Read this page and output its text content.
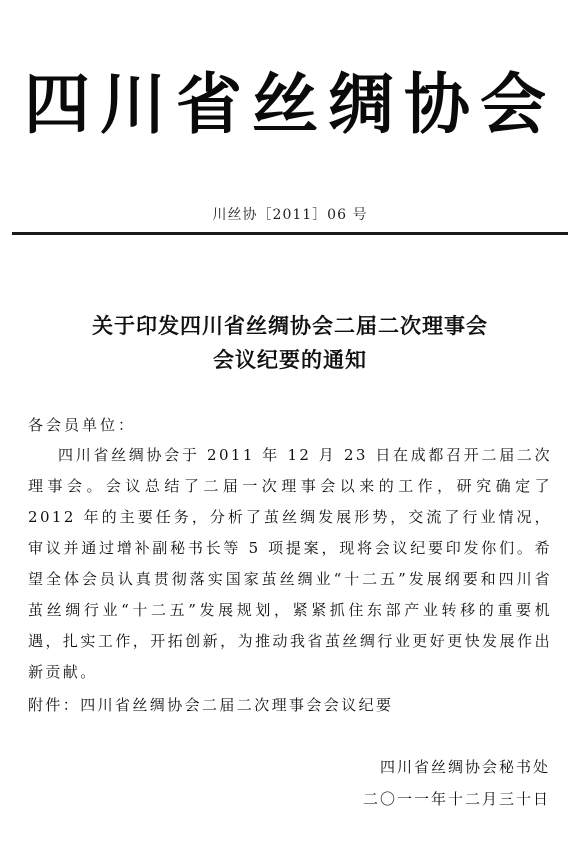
四川省丝绸协会
川丝协［2011］06 号
关于印发四川省丝绸协会二届二次理事会
会议纪要的通知
各会员单位：
四川省丝绸协会于 2011 年 12 月 23 日在成都召开二届二次理事会。会议总结了二届一次理事会以来的工作，研究确定了 2012 年的主要任务，分析了茧丝绸发展形势，交流了行业情况，审议并通过增补副秘书长等 5 项提案，现将会议纪要印发你们。希望全体会员认真贯彻落实国家茧丝绸业“十二五”发展纲要和四川省茧丝绸行业“十二五”发展规划，紧紧抓住东部产业转移的重要机遇，扎实工作，开拓创新，为推动我省茧丝绸行业更好更快发展作出新贡献。
附件：四川省丝绸协会二届二次理事会会议纪要
四川省丝绸协会秘书处
二〇一一年十二月三十日
